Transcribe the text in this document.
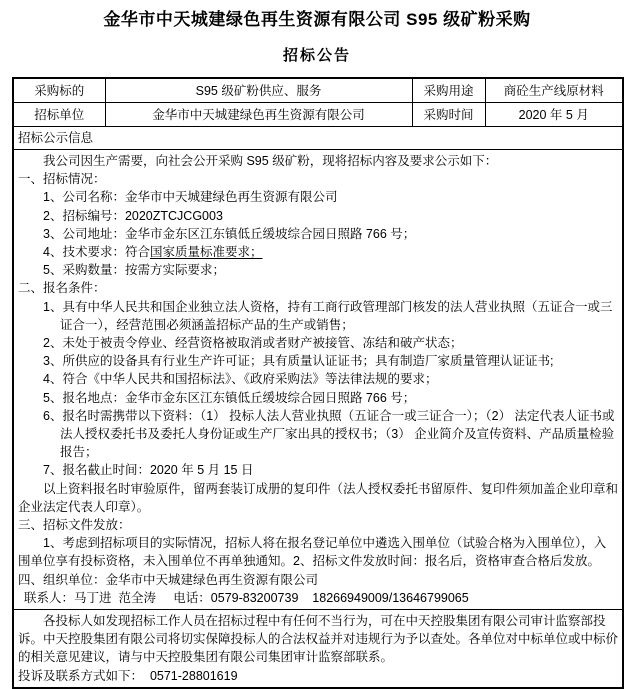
金华市中天城建绿色再生资源有限公司 S95 级矿粉采购
招标公告
采购标的	S95 级矿粉供应、服务	采购用途	商砼生产线原材料
招标单位	金华市中天城建绿色再生资源有限公司	采购时间	2020 年 5 月
招标公示信息			

我公司因生产需要，向社会公开采购 S95 级矿粉，现将招标内容及要求公示如下：

一、招标情况：

1、公司名称：金华市中天城建绿色再生资源有限公司

2、招标编号：2020ZTCJCG003

3、公司地址：金华市金东区江东镇低丘缓坡综合园日照路 766 号；

4、技术要求：符合国家质量标准要求；

5、采购数量：按需方实际要求；

二、报名条件：

1、具有中华人民共和国企业独立法人资格，持有工商行政管理部门核发的法人营业执照（五证合一或三证合一），经营范围必须涵盖招标产品的生产或销售；

2、未处于被责令停业、经营资格被取消或者财产被接管、冻结和破产状态；

3、所供应的设备具有行业生产许可证；具有质量认证证书；具有制造厂家质量管理认证证书;

4、符合《中华人民共和国招标法》、《政府采购法》等法律法规的要求；

5、报名地点：金华市金东区江东镇低丘缓坡综合园日照路 766 号；

6、报名时需携带以下资料：（1） 投标人法人营业执照（五证合一或三证合一）；（2） 法定代表人证书或法人授权委托书及委托人身份证或生产厂家出具的授权书；（3） 企业简介及宣传资料、产品质量检验报告；

7、报名截止时间：2020 年 5 月 15 日

以上资料报名时审验原件，留两套装订成册的复印件（法人授权委托书留原件、复印件须加盖企业印章和企业法定代表人印章）。

三、招标文件发放：

1、考虑到招标项目的实际情况，招标人将在报名登记单位中遴选入围单位（试验合格为入围单位），入围单位享有投标资格，未入围单位不再单独通知。2、招标文件发放时间：报名后，资格审查合格后发放。

四、组织单位：金华市中天城建绿色再生资源有限公司

联系人：马丁进  范全涛     电话：0579-83200739    18266949009/13646799065

各投标人如发现招标工作人员在招标过程中有任何不当行为，可在中天控股集团有限公司审计监察部投诉。中天控股集团有限公司将切实保障投标人的合法权益并对违规行为予以查处。各单位对中标单位或中标价的相关意见建议，请与中天控股集团有限公司集团审计监察部联系。

投诉及联系方式如下：  0571-28801619			
